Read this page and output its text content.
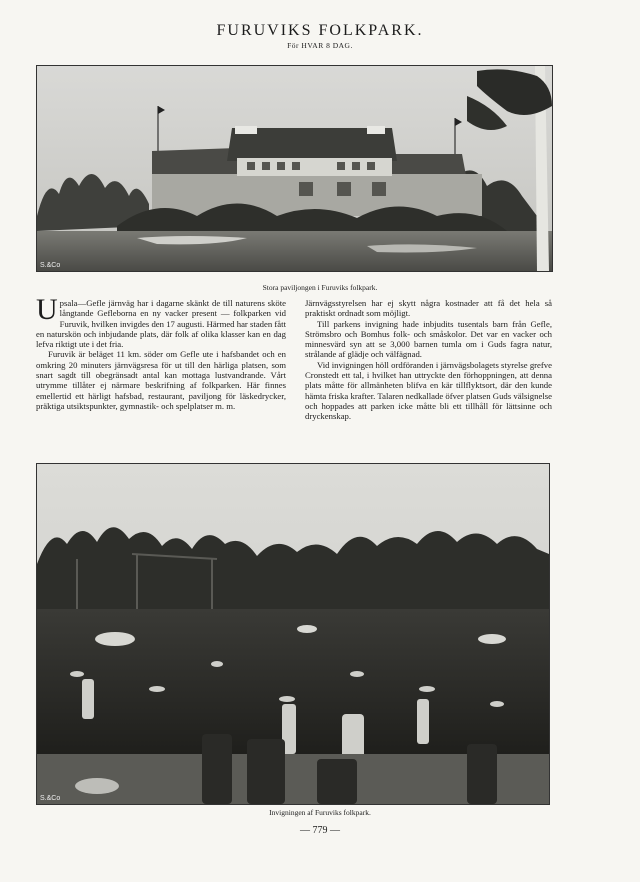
FURUVIKS FOLKPARK.
För HVAR 8 DAG.
S.&Co
Stora paviljongen i Furuviks folkpark.

Upsala—Gefle järnväg har i dagarne skänkt de till naturens sköte långtande Gefleborna en ny vacker present — folkparken vid Furuvik, hvilken invigdes den 17 augusti. Härmed har staden fått en naturskön och inbjudande plats, där folk af olika klasser kan en dag lefva riktigt ute i det fria.

Furuvik är beläget 11 km. söder om Gefle ute i hafsbandet och en omkring 20 minuters järnvägsresa för ut till den härliga platsen, som snart sagdt till obegränsadt antal kan mottaga lustvandrande. Vårt utrymme tillåter ej närmare beskrifning af folkparken. Här finnes emellertid ett härligt hafsbad, restaurant, paviljong för läskedrycker, präktiga utsiktspunkter, gymnastik- och spelplatser m. m.

Järnvägsstyrelsen har ej skytt några kostnader att få det hela så praktiskt ordnadt som möjligt.

Till parkens invigning hade inbjudits tusentals barn från Gefle, Strömsbro och Bomhus folk- och småskolor. Det var en vacker och minnesvärd syn att se 3,000 barnen tumla om i Guds fagra natur, strålande af glädje och välfägnad.

Vid invigningen höll ordföranden i järnvägsbolagets styrelse grefve Cronstedt ett tal, i hvilket han uttryckte den förhoppningen, att denna plats måtte för allmänheten blifva en kär tillflyktsort, där den kunde hämta friska krafter. Talaren nedkallade öfver platsen Guds välsignelse och hoppades att parken icke måtte bli ett tillhåll för lättsinne och dryckenskap.

S.&Co
Invigningen af Furuviks folkpark.
— 779 —
